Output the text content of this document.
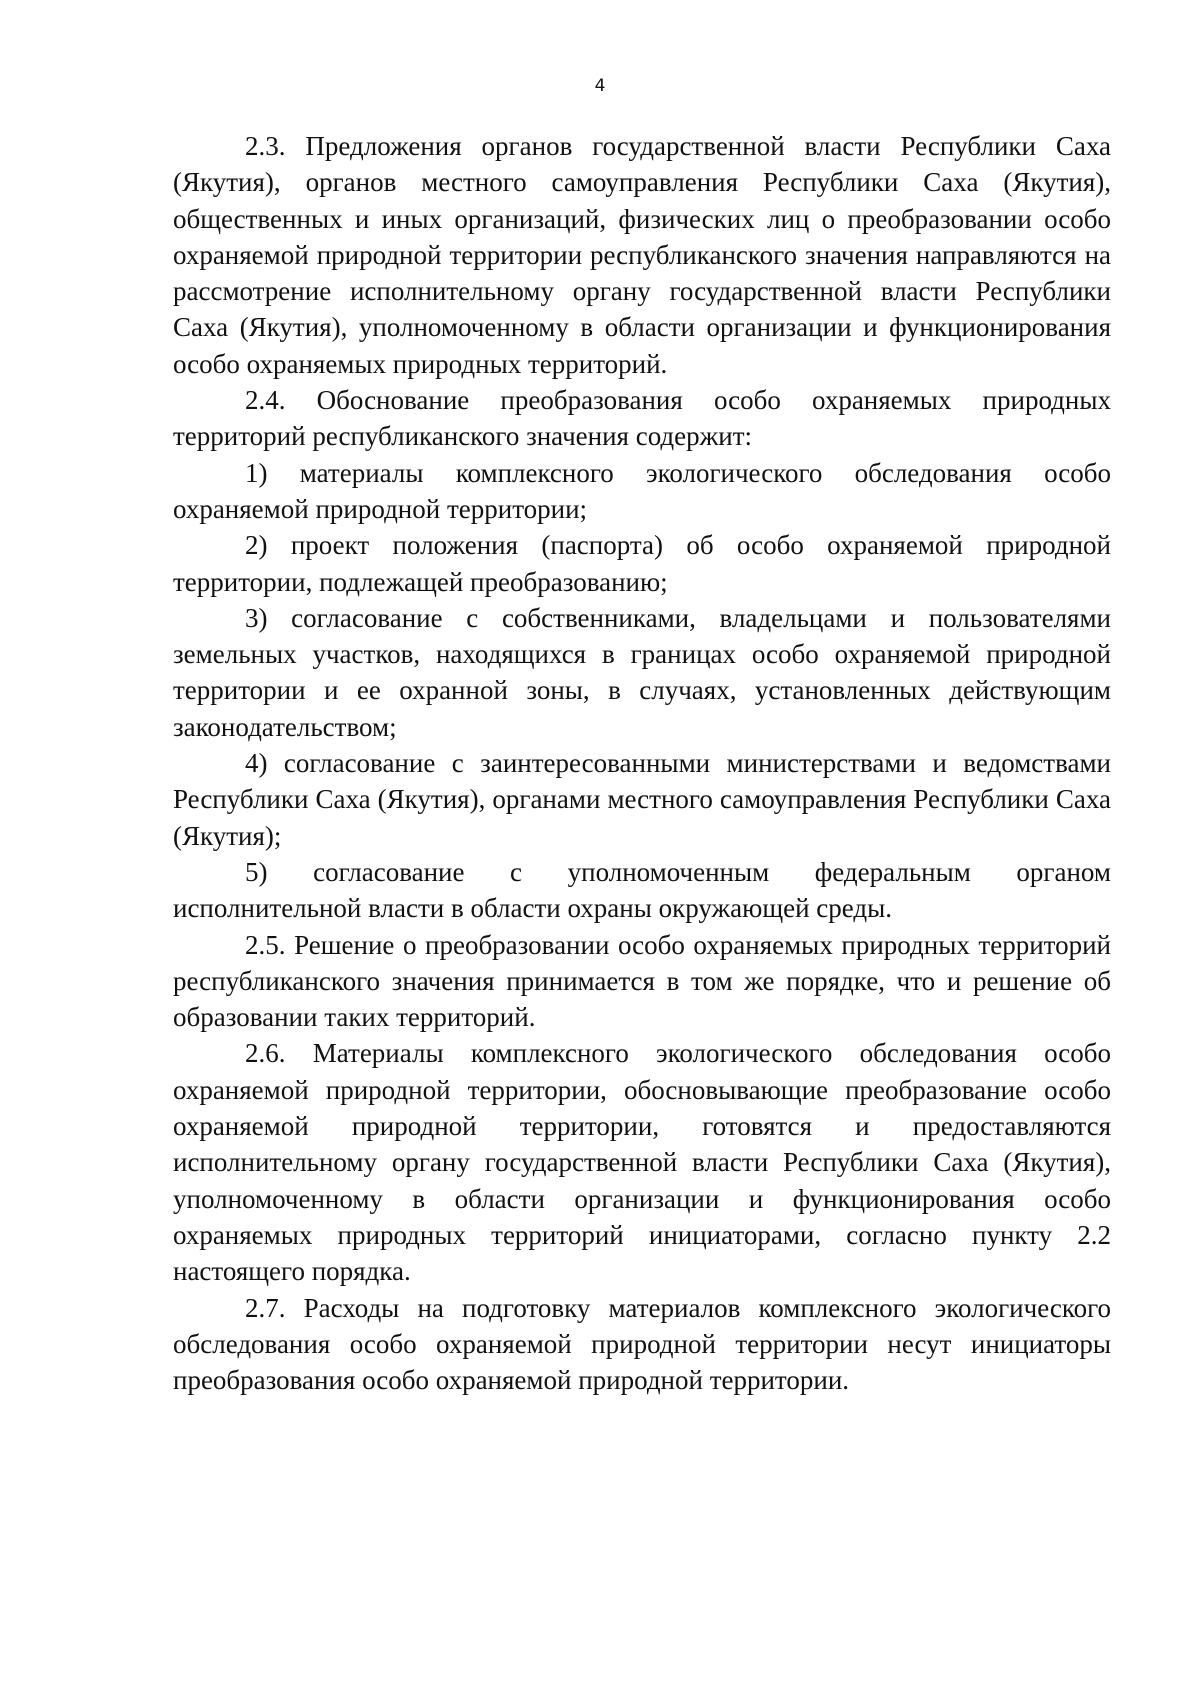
4

2.3. Предложения органов государственной власти Республики Саха (Якутия), органов местного самоуправления Республики Саха (Якутия), общественных и иных организаций, физических лиц о преобразовании особо охраняемой природной территории республиканского значения направляются на рассмотрение исполнительному органу государственной власти Республики Саха (Якутия), уполномоченному в области организации и функционирования особо охраняемых природных территорий.

2.4. Обоснование преобразования особо охраняемых природных территорий республиканского значения содержит:

1) материалы комплексного экологического обследования особо охраняемой природной территории;

2) проект положения (паспорта) об особо охраняемой природной территории, подлежащей преобразованию;

3) согласование с собственниками, владельцами и пользователями земельных участков, находящихся в границах особо охраняемой природной территории и ее охранной зоны, в случаях, установленных действующим законодательством;

4) согласование с заинтересованными министерствами и ведомствами Республики Саха (Якутия), органами местного самоуправления Республики Саха (Якутия);

5) согласование с уполномоченным федеральным органом исполнительной власти в области охраны окружающей среды.

2.5. Решение о преобразовании особо охраняемых природных территорий республиканского значения принимается в том же порядке, что и решение об образовании таких территорий.

2.6. Материалы комплексного экологического обследования особо охраняемой природной территории, обосновывающие преобразование особо охраняемой природной территории, готовятся и предоставляются исполнительному органу государственной власти Республики Саха (Якутия), уполномоченному в области организации и функционирования особо охраняемых природных территорий инициаторами, согласно пункту 2.2 настоящего порядка.

2.7. Расходы на подготовку материалов комплексного экологического обследования особо охраняемой природной территории несут инициаторы преобразования особо охраняемой природной территории.
